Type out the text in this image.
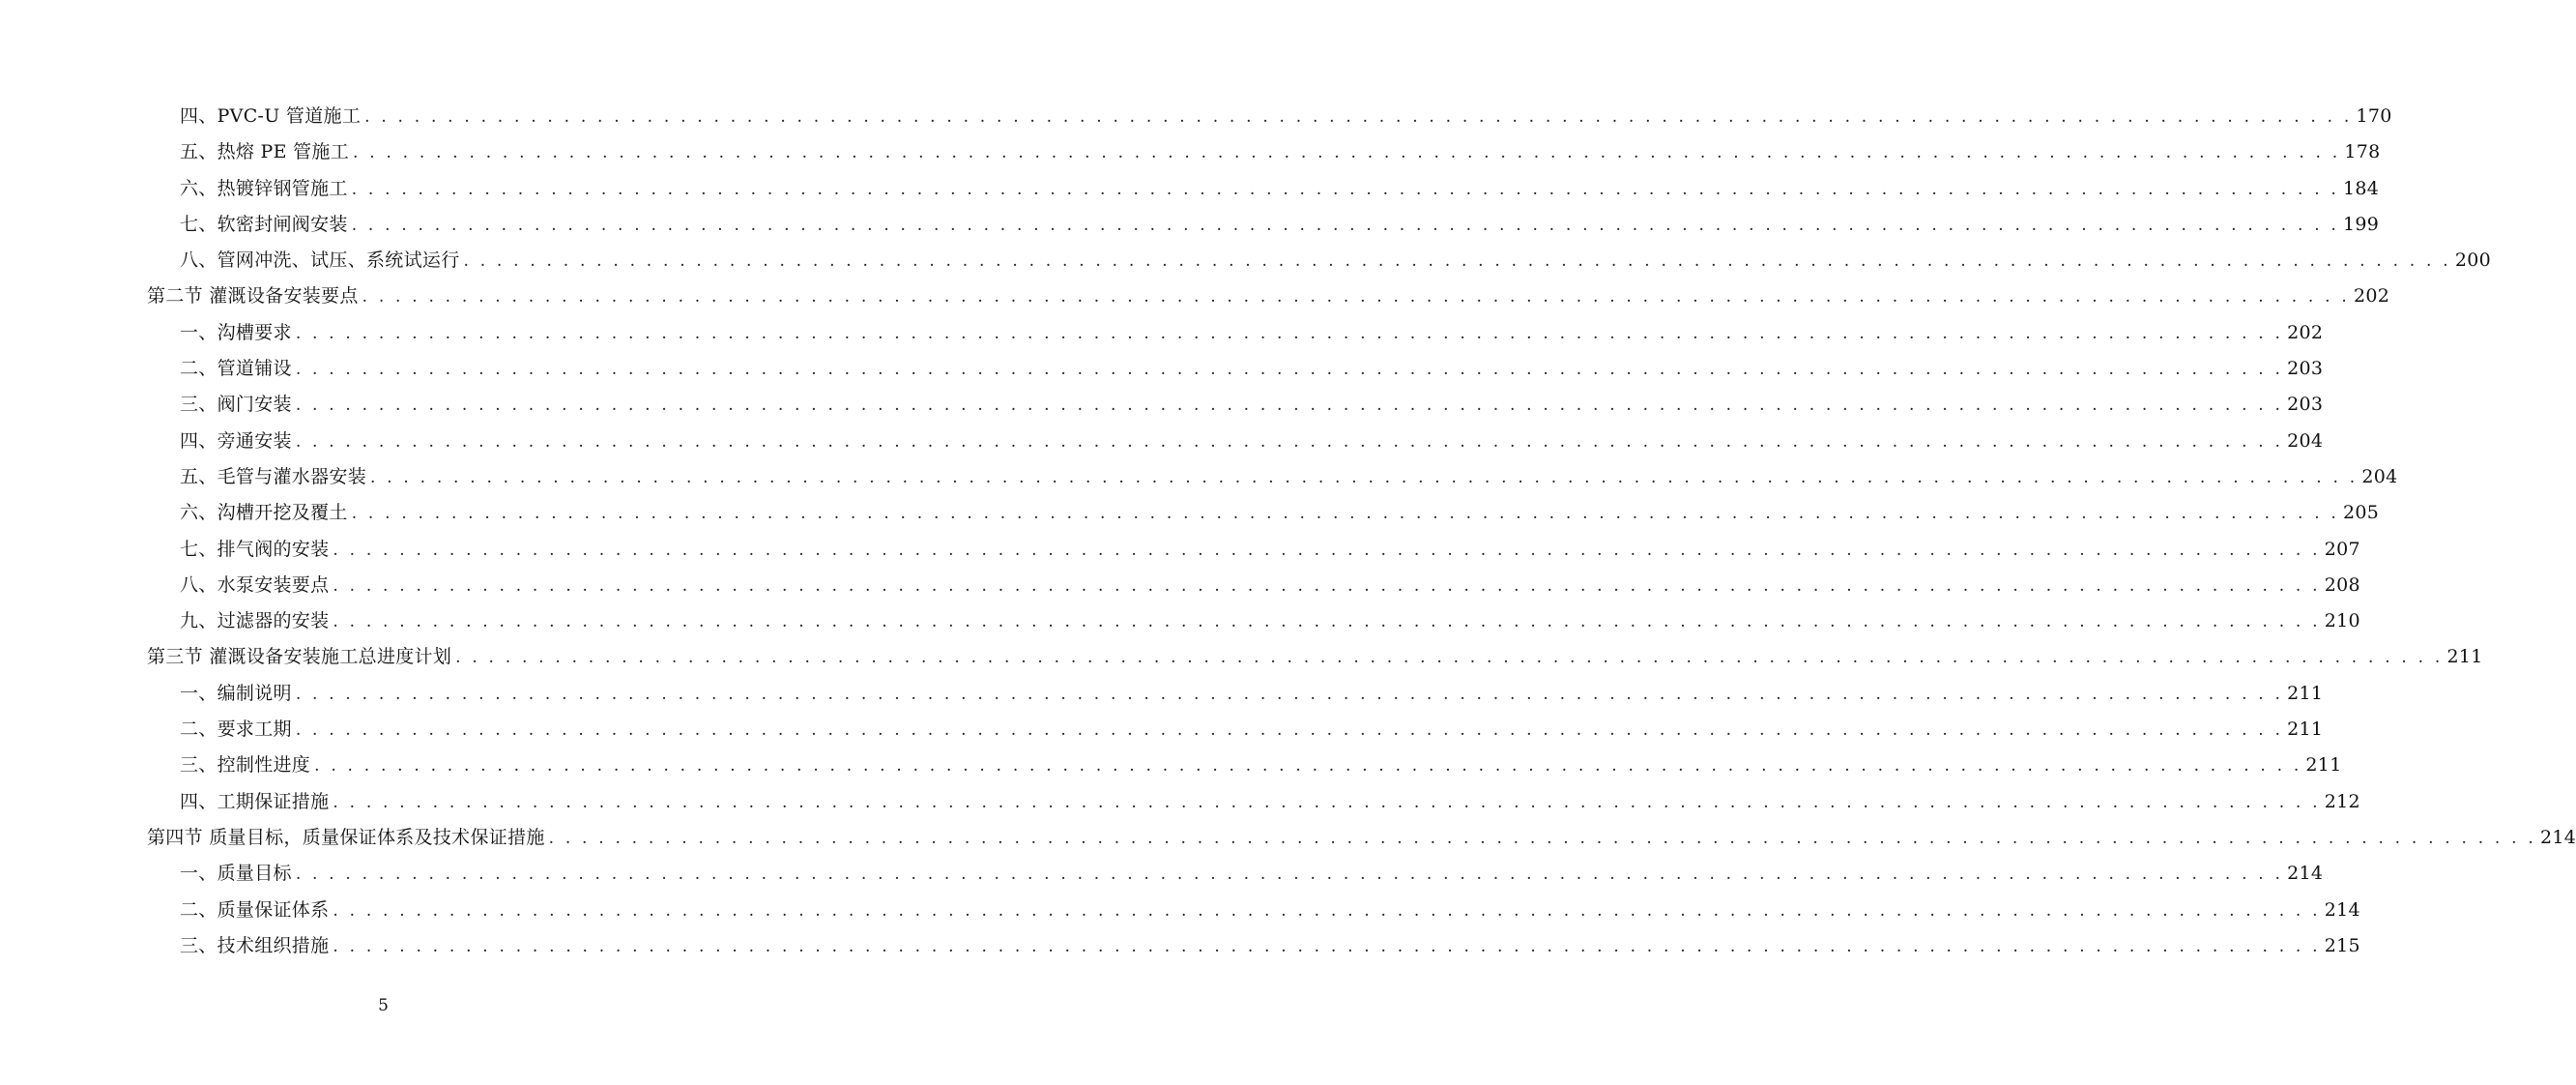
四、PVC-U 管道施工 . . . . . . . . . . . . . . . . . . . . . . . . . . . . . . . . . . . . . . . . . . . . . . . . . . . . . . . . . . . . . . . . . . . . . . . . . . . . . . . . . . . . . . . . . . . . . . . . . . . . . . . . . . . . . . . . . . . . . . . . 170
五、热熔 PE 管施工 . . . . . . . . . . . . . . . . . . . . . . . . . . . . . . . . . . . . . . . . . . . . . . . . . . . . . . . . . . . . . . . . . . . . . . . . . . . . . . . . . . . . . . . . . . . . . . . . . . . . . . . . . . . . . . . . . . . . . . . . 178
六、热镀锌钢管施工 . . . . . . . . . . . . . . . . . . . . . . . . . . . . . . . . . . . . . . . . . . . . . . . . . . . . . . . . . . . . . . . . . . . . . . . . . . . . . . . . . . . . . . . . . . . . . . . . . . . . . . . . . . . . . . . . . . . . . . . . 184
七、软密封闸阀安装 . . . . . . . . . . . . . . . . . . . . . . . . . . . . . . . . . . . . . . . . . . . . . . . . . . . . . . . . . . . . . . . . . . . . . . . . . . . . . . . . . . . . . . . . . . . . . . . . . . . . . . . . . . . . . . . . . . . . . . . . 199
八、管网冲洗、试压、系统试运行 . . . . . . . . . . . . . . . . . . . . . . . . . . . . . . . . . . . . . . . . . . . . . . . . . . . . . . . . . . . . . . . . . . . . . . . . . . . . . . . . . . . . . . . . . . . . . . . . . . . . . . . . . . . . . . . . . . . . . . . . 200
第二节 灌溉设备安装要点 . . . . . . . . . . . . . . . . . . . . . . . . . . . . . . . . . . . . . . . . . . . . . . . . . . . . . . . . . . . . . . . . . . . . . . . . . . . . . . . . . . . . . . . . . . . . . . . . . . . . . . . . . . . . . . . . . . . . . . . . 202
一、沟槽要求 . . . . . . . . . . . . . . . . . . . . . . . . . . . . . . . . . . . . . . . . . . . . . . . . . . . . . . . . . . . . . . . . . . . . . . . . . . . . . . . . . . . . . . . . . . . . . . . . . . . . . . . . . . . . . . . . . . . . . . . . 202
二、管道铺设 . . . . . . . . . . . . . . . . . . . . . . . . . . . . . . . . . . . . . . . . . . . . . . . . . . . . . . . . . . . . . . . . . . . . . . . . . . . . . . . . . . . . . . . . . . . . . . . . . . . . . . . . . . . . . . . . . . . . . . . . 203
三、阀门安装 . . . . . . . . . . . . . . . . . . . . . . . . . . . . . . . . . . . . . . . . . . . . . . . . . . . . . . . . . . . . . . . . . . . . . . . . . . . . . . . . . . . . . . . . . . . . . . . . . . . . . . . . . . . . . . . . . . . . . . . . 203
四、旁通安装 . . . . . . . . . . . . . . . . . . . . . . . . . . . . . . . . . . . . . . . . . . . . . . . . . . . . . . . . . . . . . . . . . . . . . . . . . . . . . . . . . . . . . . . . . . . . . . . . . . . . . . . . . . . . . . . . . . . . . . . . 204
五、毛管与灌水器安装 . . . . . . . . . . . . . . . . . . . . . . . . . . . . . . . . . . . . . . . . . . . . . . . . . . . . . . . . . . . . . . . . . . . . . . . . . . . . . . . . . . . . . . . . . . . . . . . . . . . . . . . . . . . . . . . . . . . . . . . . 204
六、沟槽开挖及覆土 . . . . . . . . . . . . . . . . . . . . . . . . . . . . . . . . . . . . . . . . . . . . . . . . . . . . . . . . . . . . . . . . . . . . . . . . . . . . . . . . . . . . . . . . . . . . . . . . . . . . . . . . . . . . . . . . . . . . . . . . 205
七、排气阀的安装 . . . . . . . . . . . . . . . . . . . . . . . . . . . . . . . . . . . . . . . . . . . . . . . . . . . . . . . . . . . . . . . . . . . . . . . . . . . . . . . . . . . . . . . . . . . . . . . . . . . . . . . . . . . . . . . . . . . . . . . . 207
八、水泵安装要点 . . . . . . . . . . . . . . . . . . . . . . . . . . . . . . . . . . . . . . . . . . . . . . . . . . . . . . . . . . . . . . . . . . . . . . . . . . . . . . . . . . . . . . . . . . . . . . . . . . . . . . . . . . . . . . . . . . . . . . . . 208
九、过滤器的安装 . . . . . . . . . . . . . . . . . . . . . . . . . . . . . . . . . . . . . . . . . . . . . . . . . . . . . . . . . . . . . . . . . . . . . . . . . . . . . . . . . . . . . . . . . . . . . . . . . . . . . . . . . . . . . . . . . . . . . . . . 210
第三节 灌溉设备安装施工总进度计划 . . . . . . . . . . . . . . . . . . . . . . . . . . . . . . . . . . . . . . . . . . . . . . . . . . . . . . . . . . . . . . . . . . . . . . . . . . . . . . . . . . . . . . . . . . . . . . . . . . . . . . . . . . . . . . . . . . . . . . . . 211
一、编制说明 . . . . . . . . . . . . . . . . . . . . . . . . . . . . . . . . . . . . . . . . . . . . . . . . . . . . . . . . . . . . . . . . . . . . . . . . . . . . . . . . . . . . . . . . . . . . . . . . . . . . . . . . . . . . . . . . . . . . . . . . 211
二、要求工期 . . . . . . . . . . . . . . . . . . . . . . . . . . . . . . . . . . . . . . . . . . . . . . . . . . . . . . . . . . . . . . . . . . . . . . . . . . . . . . . . . . . . . . . . . . . . . . . . . . . . . . . . . . . . . . . . . . . . . . . . 211
三、控制性进度 . . . . . . . . . . . . . . . . . . . . . . . . . . . . . . . . . . . . . . . . . . . . . . . . . . . . . . . . . . . . . . . . . . . . . . . . . . . . . . . . . . . . . . . . . . . . . . . . . . . . . . . . . . . . . . . . . . . . . . . . 211
四、工期保证措施 . . . . . . . . . . . . . . . . . . . . . . . . . . . . . . . . . . . . . . . . . . . . . . . . . . . . . . . . . . . . . . . . . . . . . . . . . . . . . . . . . . . . . . . . . . . . . . . . . . . . . . . . . . . . . . . . . . . . . . . . 212
第四节 质量目标，质量保证体系及技术保证措施 . . . . . . . . . . . . . . . . . . . . . . . . . . . . . . . . . . . . . . . . . . . . . . . . . . . . . . . . . . . . . . . . . . . . . . . . . . . . . . . . . . . . . . . . . . . . . . . . . . . . . . . . . . . . . . . . . . . . . . . . 214
一、质量目标 . . . . . . . . . . . . . . . . . . . . . . . . . . . . . . . . . . . . . . . . . . . . . . . . . . . . . . . . . . . . . . . . . . . . . . . . . . . . . . . . . . . . . . . . . . . . . . . . . . . . . . . . . . . . . . . . . . . . . . . . 214
二、质量保证体系 . . . . . . . . . . . . . . . . . . . . . . . . . . . . . . . . . . . . . . . . . . . . . . . . . . . . . . . . . . . . . . . . . . . . . . . . . . . . . . . . . . . . . . . . . . . . . . . . . . . . . . . . . . . . . . . . . . . . . . . . 214
三、技术组织措施 . . . . . . . . . . . . . . . . . . . . . . . . . . . . . . . . . . . . . . . . . . . . . . . . . . . . . . . . . . . . . . . . . . . . . . . . . . . . . . . . . . . . . . . . . . . . . . . . . . . . . . . . . . . . . . . . . . . . . . . . 215
5
